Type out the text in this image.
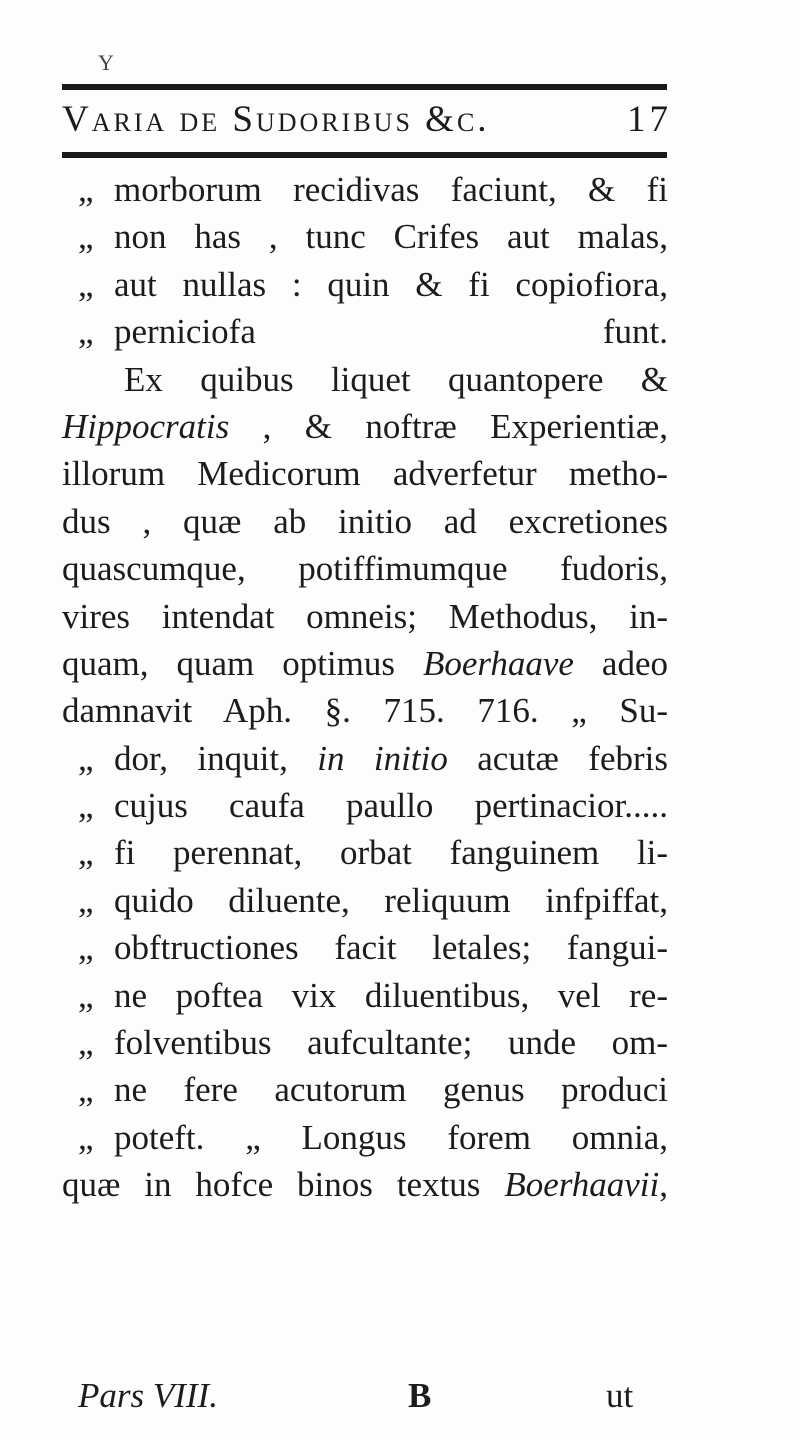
Y
Varia de Sudoribus &c.	17
„ morborum recidivas faciunt, & fi
„ non has , tunc Crifes aut malas,
„ aut nullas : quin & fi copiofiora,
„ perniciofa funt.
Ex quibus liquet quantopere &
Hippocratis , & noftræ Experientiæ,
illorum Medicorum adverfetur metho-
dus , quæ ab initio ad excretiones
quascumque, potiffimumque fudoris,
vires intendat omneis; Methodus, in-
quam, quam optimus Boerhaave adeo
damnavit Aph. §. 715. 716. „ Su-
„ dor, inquit, in initio acutæ febris
„ cujus caufa paullo pertinacior.....
„ fi perennat, orbat fanguinem li-
„ quido diluente, reliquum infpiffat,
„ obftructiones facit letales; fangui-
„ ne poftea vix diluentibus, vel re-
„ folventibus aufcultante; unde om-
„ ne fere acutorum genus produci
„ poteft. „ Longus forem omnia,
quæ in hofce binos textus Boerhaavii,
Pars VIII.	B	ut
